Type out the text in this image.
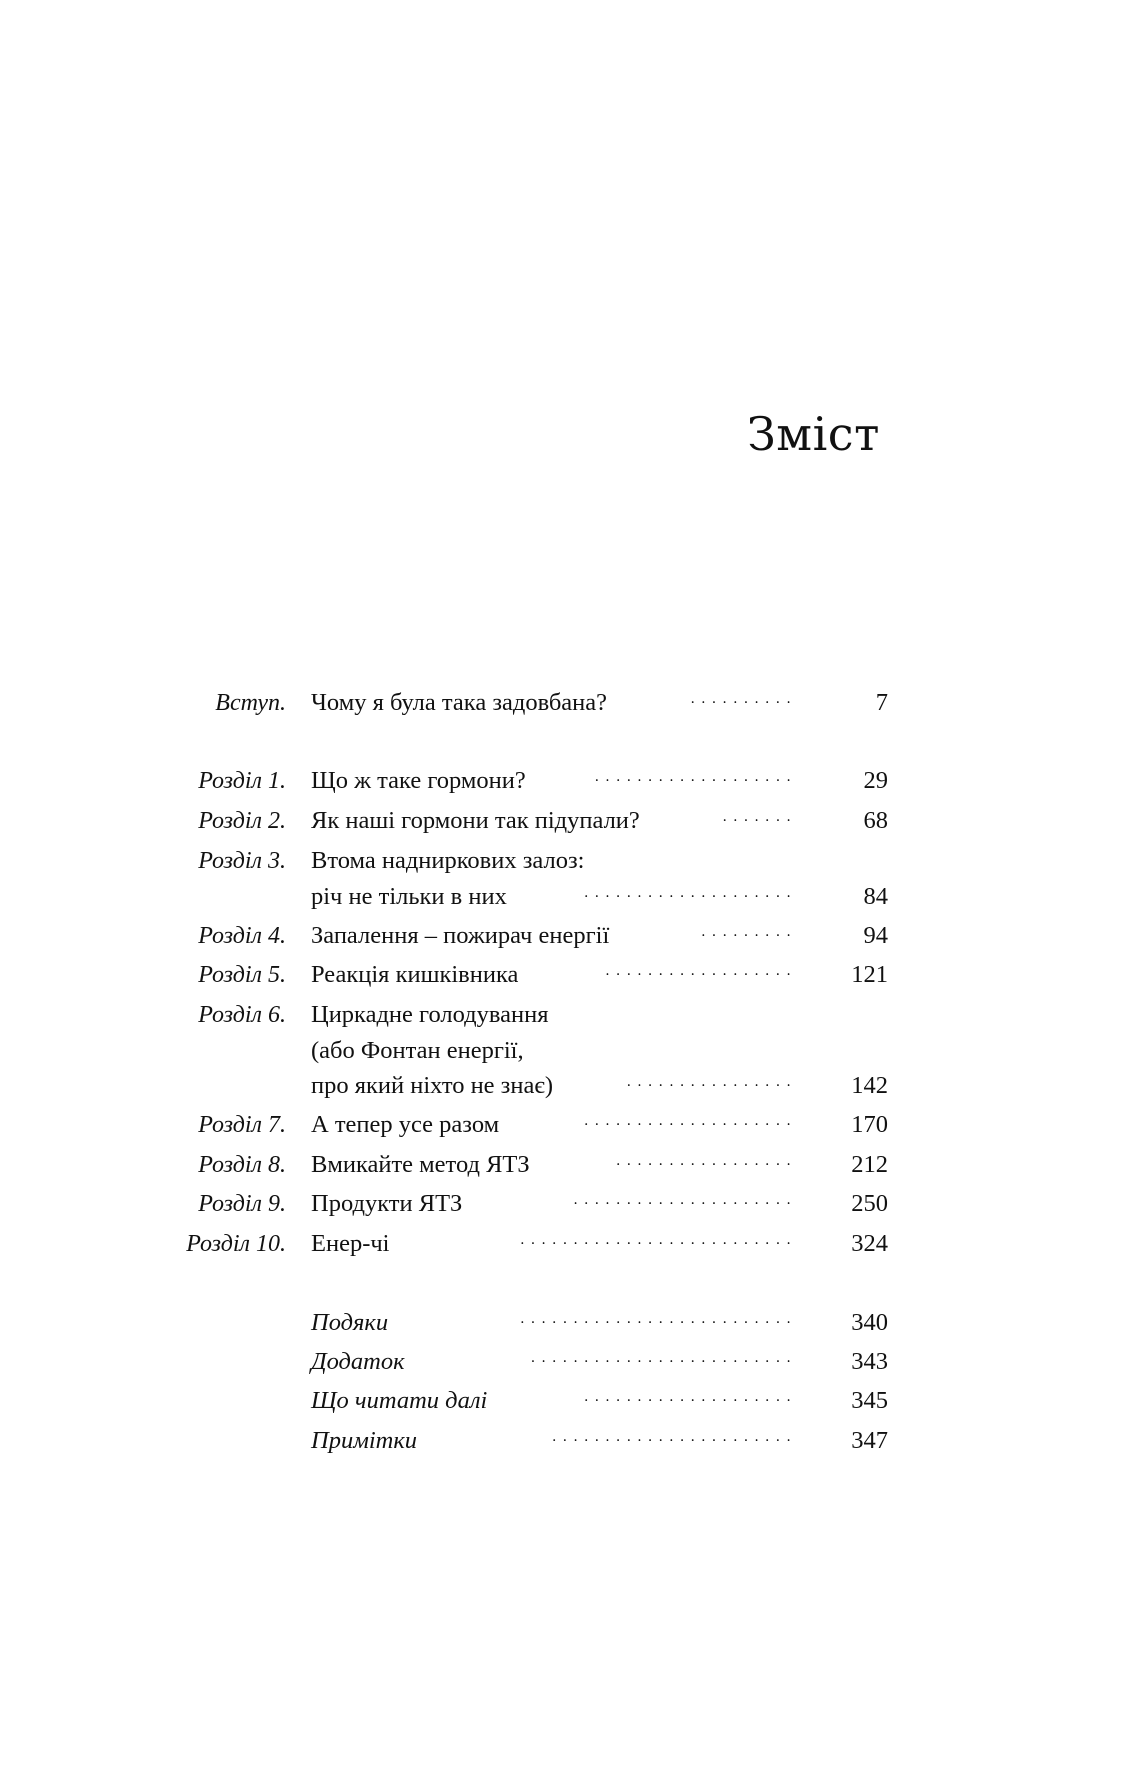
Зміст
Вступ. Чому я була така задовбана?	··········	7
Розділ 1. Що ж таке гормони?	···················	29
Розділ 2. Як наші гормони так підупали?	·······	68
Розділ 3. Втома надниркових залоз:
річ не тільки в них	····················	84
Розділ 4. Запалення – пожирач енергії	·········	94
Розділ 5. Реакція кишківника	·················· 121
Розділ 6. Циркадне голодування
(або Фонтан енергії,
про який ніхто не знає)	················ 142
Розділ 7. А тепер усе разом	···················· 170
Розділ 8. Вмикайте метод ЯТЗ	················· 212
Розділ 9. Продукти ЯТЗ	····················· 250
Розділ 10. Енер-чі	·························· 324
Подяки	·························· 340
Додаток	························· 343
Що читати далі	···················· 345
Примітки	······················· 347
